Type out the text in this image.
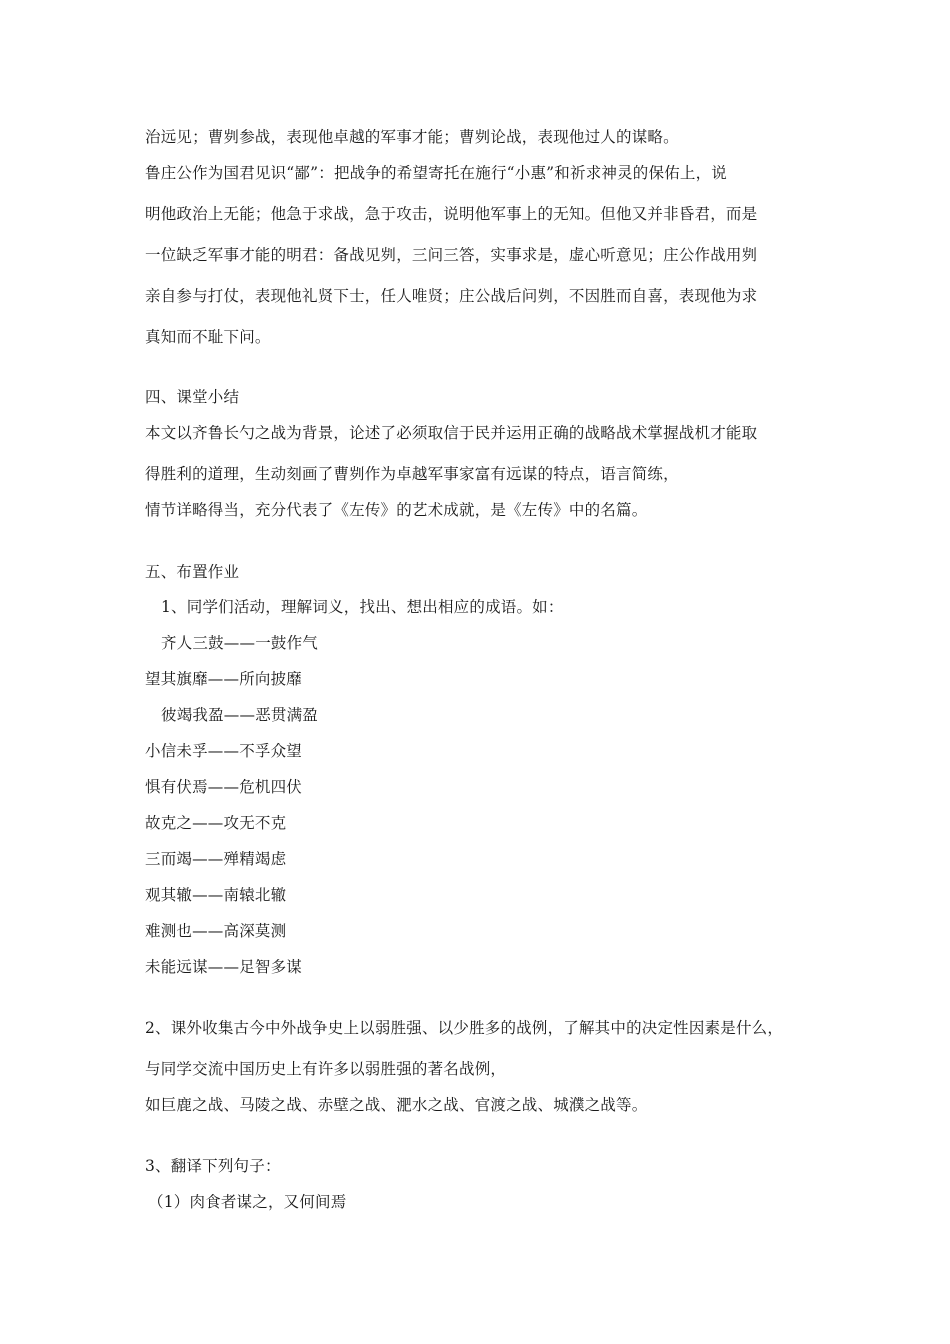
治远见；曹刿参战，表现他卓越的军事才能；曹刿论战，表现他过人的谋略。
鲁庄公作为国君见识“鄙”：把战争的希望寄托在施行“小惠”和祈求神灵的保佑上，说
明他政治上无能；他急于求战，急于攻击，说明他军事上的无知。但他又并非昏君，而是
一位缺乏军事才能的明君：备战见刿，三问三答，实事求是，虚心听意见；庄公作战用刿
亲自参与打仗，表现他礼贤下士，任人唯贤；庄公战后问刿，不因胜而自喜，表现他为求
真知而不耻下问。
四、课堂小结
本文以齐鲁长勺之战为背景，论述了必须取信于民并运用正确的战略战术掌握战机才能取
得胜利的道理，生动刻画了曹刿作为卓越军事家富有远谋的特点，语言简练，
情节详略得当，充分代表了《左传》的艺术成就，是《左传》中的名篇。
五、布置作业
1、同学们活动，理解词义，找出、想出相应的成语。如：
齐人三鼓——一鼓作气
望其旗靡——所向披靡
彼竭我盈——恶贯满盈
小信未孚——不孚众望
惧有伏焉——危机四伏
故克之——攻无不克
三而竭——殚精竭虑
观其辙——南辕北辙
难测也——高深莫测
未能远谋——足智多谋
2、课外收集古今中外战争史上以弱胜强、以少胜多的战例，了解其中的决定性因素是什么，
与同学交流中国历史上有许多以弱胜强的著名战例，
如巨鹿之战、马陵之战、赤壁之战、淝水之战、官渡之战、城濮之战等。
3、翻译下列句子：
（1）肉食者谋之，又何间焉
